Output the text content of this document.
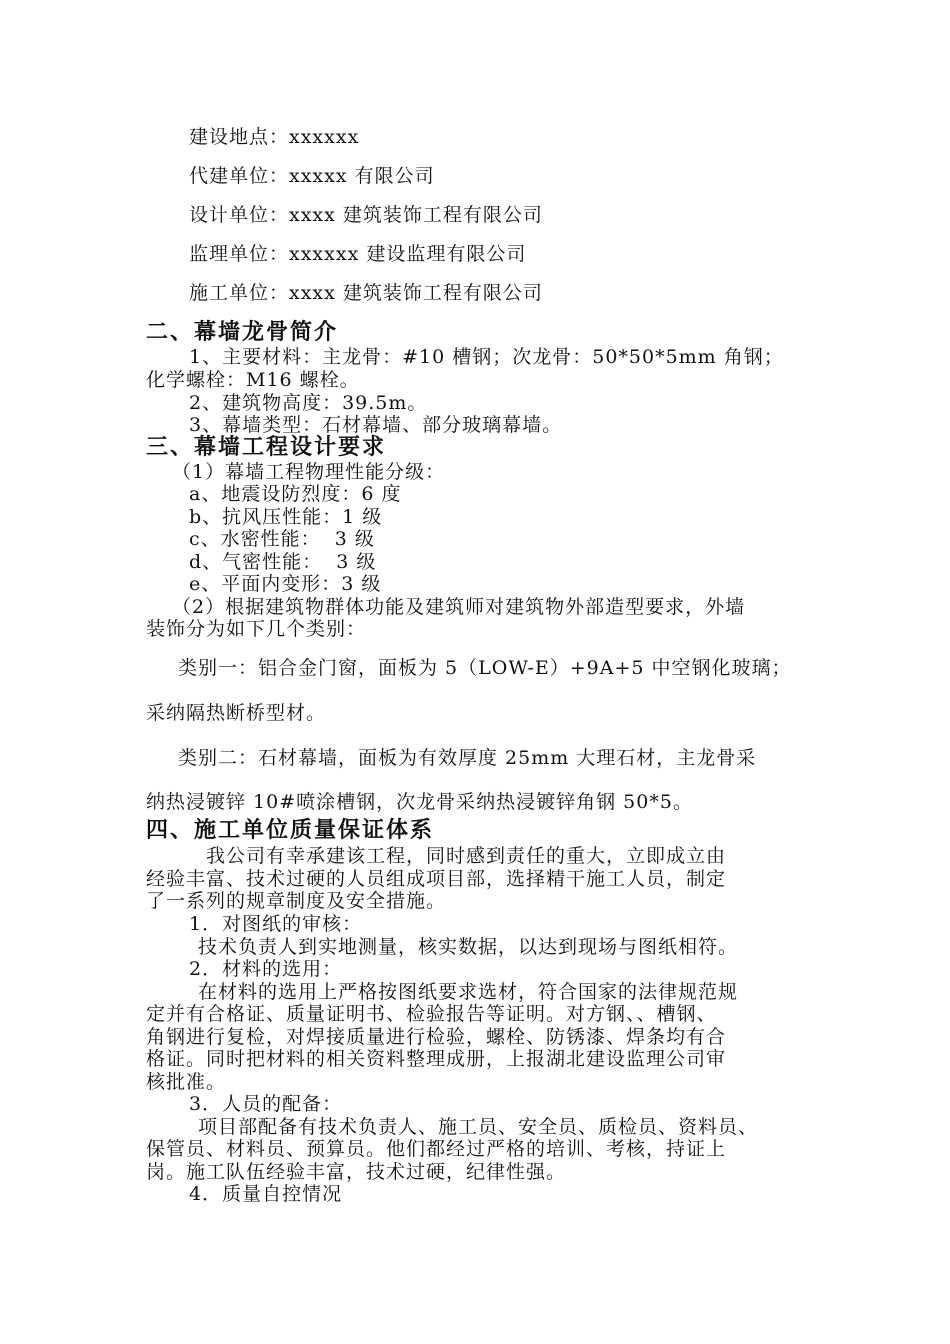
建设地点：xxxxxx
代建单位：xxxxx 有限公司
设计单位：xxxx 建筑装饰工程有限公司
监理单位：xxxxxx 建设监理有限公司
施工单位：xxxx 建筑装饰工程有限公司
二、幕墙龙骨简介
1、主要材料：主龙骨：#10 槽钢；次龙骨：50*50*5mm 角钢；
化学螺栓：M16 螺栓。
2、建筑物高度：39.5m。
3、幕墙类型：石材幕墙、部分玻璃幕墙。
三、幕墙工程设计要求
（1）幕墙工程物理性能分级：
a、地震设防烈度：6 度
b、抗风压性能：1 级
c、水密性能：  3 级
d、气密性能：  3 级
e、平面内变形：3 级
（2）根据建筑物群体功能及建筑师对建筑物外部造型要求，外墙
装饰分为如下几个类别：
类别一：铝合金门窗，面板为 5（LOW-E）+9A+5 中空钢化玻璃；
采纳隔热断桥型材。
类别二：石材幕墙，面板为有效厚度 25mm 大理石材，主龙骨采
纳热浸镀锌 10#喷涂槽钢，次龙骨采纳热浸镀锌角钢 50*5。
四、施工单位质量保证体系
我公司有幸承建该工程，同时感到责任的重大，立即成立由
经验丰富、技术过硬的人员组成项目部，选择精干施工人员，制定
了一系列的规章制度及安全措施。
1．对图纸的审核：
技术负责人到实地测量，核实数据，以达到现场与图纸相符。
2．材料的选用：
在材料的选用上严格按图纸要求选材，符合国家的法律规范规
定并有合格证、质量证明书、检验报告等证明。对方钢、、槽钢、
角钢进行复检，对焊接质量进行检验，螺栓、防锈漆、焊条均有合
格证。同时把材料的相关资料整理成册，上报湖北建设监理公司审
核批准。
3．人员的配备：
项目部配备有技术负责人、施工员、安全员、质检员、资料员、
保管员、材料员、预算员。他们都经过严格的培训、考核，持证上
岗。施工队伍经验丰富，技术过硬，纪律性强。
4．质量自控情况
